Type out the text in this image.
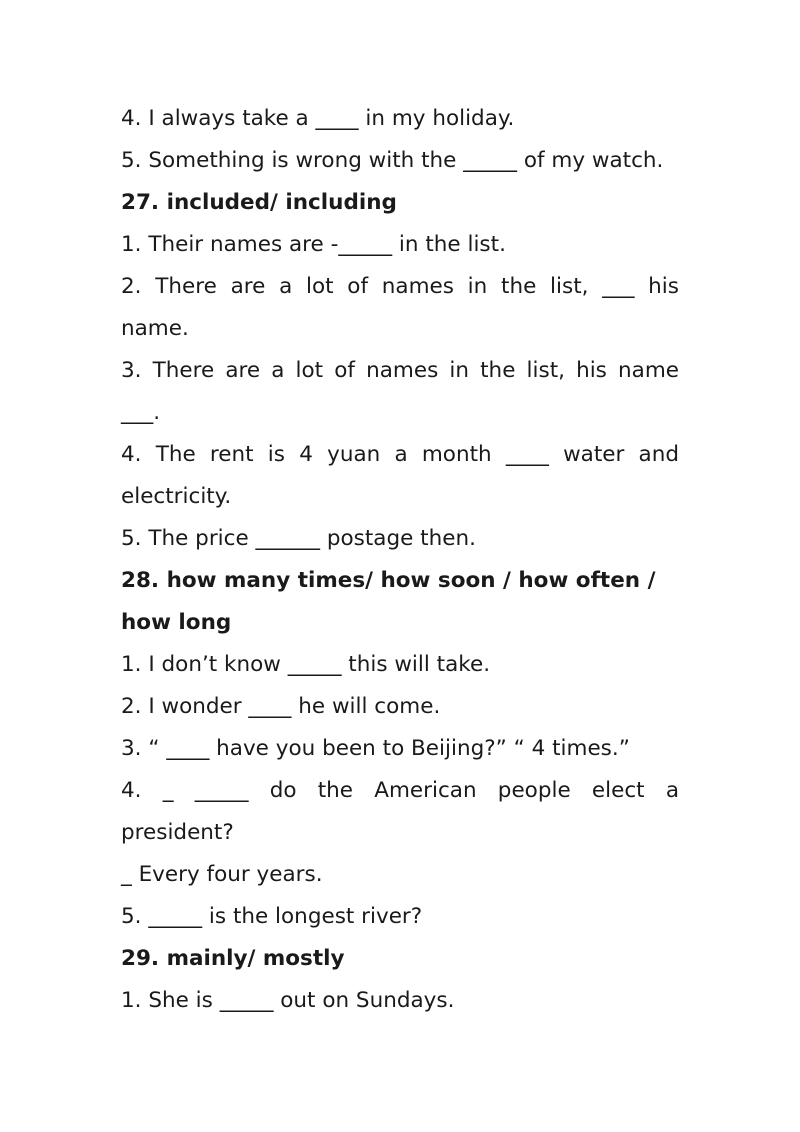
4. I always take a ____ in my holiday.
5. Something is wrong with the _____ of my watch.
27. included/ including
1. Their names are -_____ in the list.
2. There are a lot of names in the list, ___ his
name.
3. There are a lot of names in the list, his name
___.
4. The rent is 4 yuan a month ____ water and
electricity.
5. The price ______ postage then.
28. how many times/ how soon / how often /
how long
1. I don’t know _____ this will take.
2. I wonder ____ he will come.
3. “ ____ have you been to Beijing?” “ 4 times.”
4. _ _____ do the American people elect a
president?
_ Every four years.
5. _____ is the longest river?
29. mainly/ mostly
1. She is _____ out on Sundays.
